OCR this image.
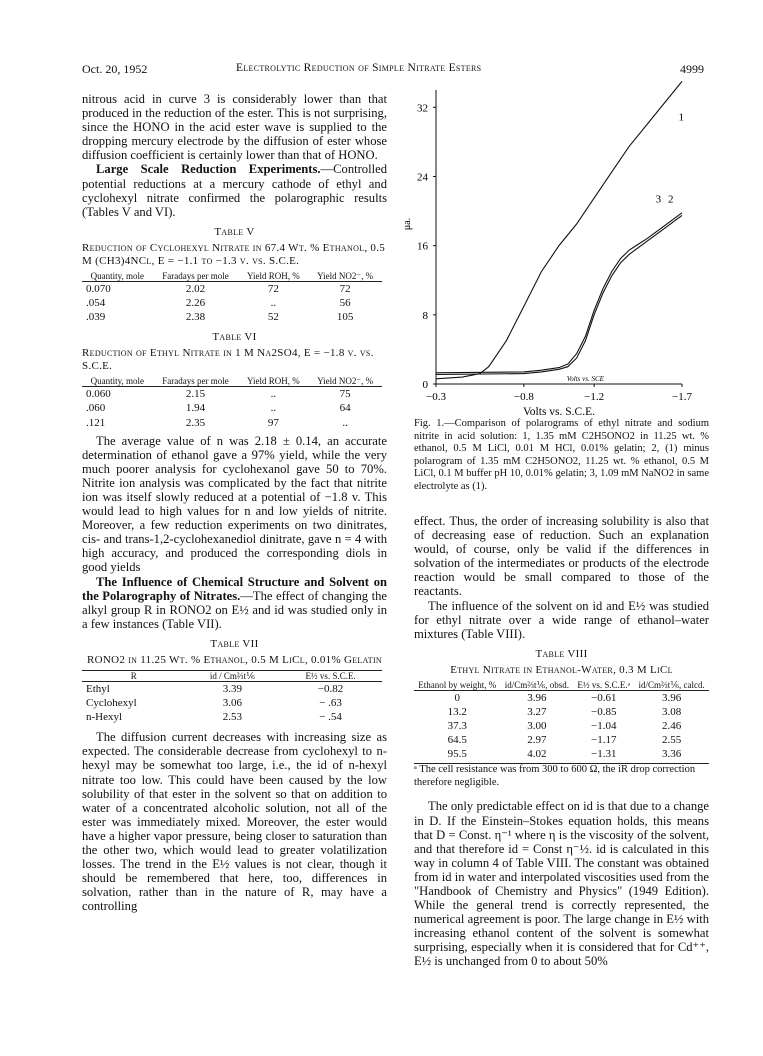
Oct. 20, 1952	Electrolytic Reduction of Simple Nitrate Esters	4999

nitrous acid in curve 3 is considerably lower than that produced in the reduction of the ester. This is not surprising, since the HONO in the acid ester wave is supplied to the dropping mercury electrode by the diffusion of ester whose diffusion coefficient is certainly lower than that of HONO.

Large Scale Reduction Experiments.—Controlled potential reductions at a mercury cathode of ethyl and cyclohexyl nitrate confirmed the polarographic results (Tables V and VI).

Table V
Reduction of Cyclohexyl Nitrate in 67.4 Wt. % Ethanol, 0.5 M (CH3)4NCl, E = −1.1 to −1.3 v. vs. S.C.E.
Quantity, mole	Faradays per mole	Yield ROH, %	Yield NO2⁻, %
0.070	2.02	72	72
.054	2.26	..	56
.039	2.38	52	105
Table VI
Reduction of Ethyl Nitrate in 1 M Na2SO4, E = −1.8 v. vs. S.C.E.
Quantity, mole	Faradays per mole	Yield ROH, %	Yield NO2⁻, %
0.060	2.15	..	75
.060	1.94	..	64
.121	2.35	97	..

The average value of n was 2.18 ± 0.14, an accurate determination of ethanol gave a 97% yield, while the very much poorer analysis for cyclohexanol gave 50 to 70%. Nitrite ion analysis was complicated by the fact that nitrite ion was itself slowly reduced at a potential of −1.8 v. This would lead to high values for n and low yields of nitrite. Moreover, a few reduction experiments on two dinitrates, cis- and trans-1,2-cyclohexanediol dinitrate, gave n = 4 with high accuracy, and produced the corresponding diols in good yields

The Influence of Chemical Structure and Solvent on the Polarography of Nitrates.—The effect of changing the alkyl group R in RONO2 on E½ and id was studied only in a few instances (Table VII).

Table VII
RONO2 in 11.25 Wt. % Ethanol, 0.5 M LiCl, 0.01% Gelatin
R	id / Cm⅔t⅙	E½ vs. S.C.E.
Ethyl	3.39	−0.82
Cyclohexyl	3.06	− .63
n-Hexyl	2.53	− .54

The diffusion current decreases with increasing size as expected. The considerable decrease from cyclohexyl to n-hexyl may be somewhat too large, i.e., the id of n-hexyl nitrate too low. This could have been caused by the low solubility of that ester in the solvent so that on addition to water of a concentrated alcoholic solution, not all of the ester was immediately mixed. Moreover, the ester would have a higher vapor pressure, being closer to saturation than the other two, which would lead to greater volatilization losses. The trend in the E½ values is not clear, though it should be remembered that here, too, differences in solvation, rather than in the nature of R, may have a controlling

0
8
16
24
32
−0.3	−0.8	−1.2	−1.7
Volts vs. S.C.E.
μa.
Volts vs. SCE
1
3 2
Fig. 1.—Comparison of polarograms of ethyl nitrate and sodium nitrite in acid solution: 1, 1.35 mM C2H5ONO2 in 11.25 wt. % ethanol, 0.5 M LiCl, 0.01 M HCl, 0.01% gelatin; 2, (1) minus polarogram of 1.35 mM C2H5ONO2, 11.25 wt. % ethanol, 0.5 M LiCl, 0.1 M buffer pH 10, 0.01% gelatin; 3, 1.09 mM NaNO2 in same electrolyte as (1).

effect. Thus, the order of increasing solubility is also that of decreasing ease of reduction. Such an explanation would, of course, only be valid if the differences in solvation of the intermediates or products of the electrode reaction would be small compared to those of the reactants.

The influence of the solvent on id and E½ was studied for ethyl nitrate over a wide range of ethanol–water mixtures (Table VIII).

Table VIII
Ethyl Nitrate in Ethanol-Water, 0.3 M LiCl
Ethanol by weight, %	id/Cm⅔t⅙, obsd.	E½ vs. S.C.E.ᵃ	id/Cm⅔t⅙, calcd.
0	3.96	−0.61	3.96
13.2	3.27	−0.85	3.08
37.3	3.00	−1.04	2.46
64.5	2.97	−1.17	2.55
95.5	4.02	−1.31	3.36
ᵃ The cell resistance was from 300 to 600 Ω, the iR drop correction therefore negligible.

The only predictable effect on id is that due to a change in D. If the Einstein–Stokes equation holds, this means that D = Const. η⁻¹ where η is the viscosity of the solvent, and that therefore id = Const η⁻½. id is calculated in this way in column 4 of Table VIII. The constant was obtained from id in water and interpolated viscosities used from the "Handbook of Chemistry and Physics" (1949 Edition). While the general trend is correctly represented, the numerical agreement is poor. The large change in E½ with increasing ethanol content of the solvent is somewhat surprising, especially when it is considered that for Cd⁺⁺, E½ is unchanged from 0 to about 50%
